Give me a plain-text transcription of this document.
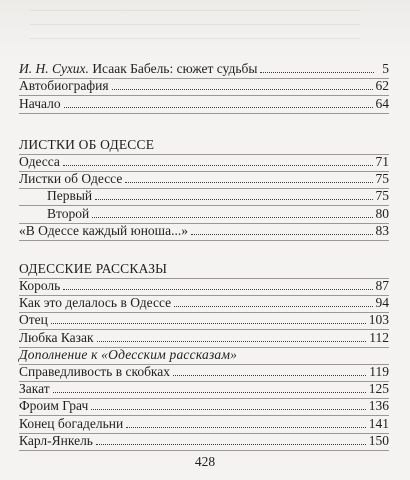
И. Н. Сухих. Исаак Бабель: сюжет судьбы	5
Автобиография	62
Начало	64
ЛИСТКИ ОБ ОДЕССЕ
Одесса	71
Листки об Одессе	75
Первый	75
Второй	80
«В Одессе каждый юноша...»	83
ОДЕССКИЕ РАССКАЗЫ
Король	87
Как это делалось в Одессе	94
Отец	103
Любка Казак	112
Дополнение к «Одесским рассказам»
Справедливость в скобках	119
Закат	125
Фроим Грач	136
Конец богадельни	141
Карл-Янкель	150
428
